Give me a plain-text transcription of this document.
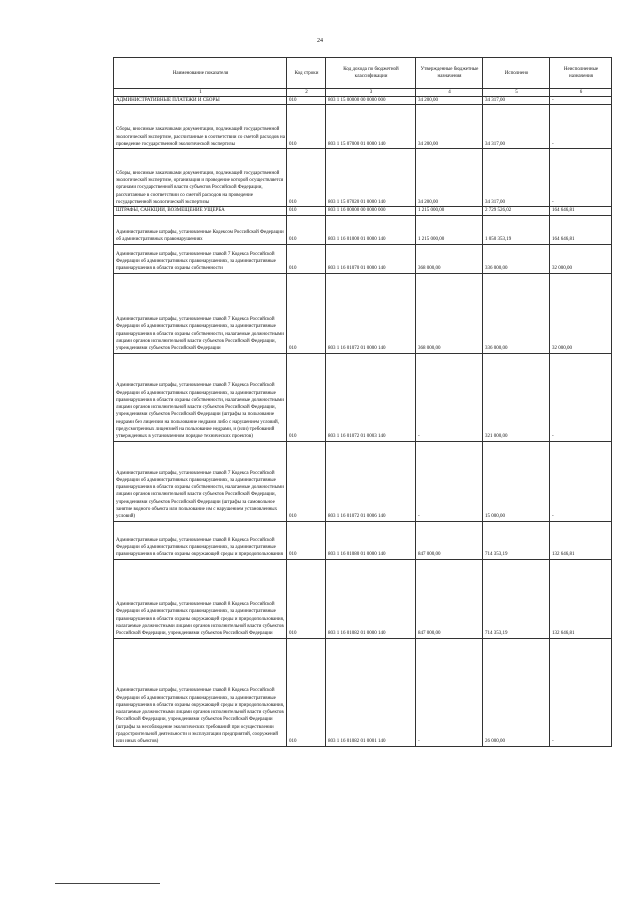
24
Наименование показателя	Код строки	Код дохода по бюджетной классификации	Утвержденные бюджетные назначения	Исполнено	Неисполненные назначения
1	2	3	4	5	6
АДМИНИСТРАТИВНЫЕ ПЛАТЕЖИ И СБОРЫ	010	803 1 15 00000 00 0000 000	34 200,00	34 317,00	-
Сборы, вносимые заказчиками документации, подлежащей государственной экологической экспертизе, рассчитанные в соответствии со сметой расходов на проведение государственной экологической экспертизы	010	803 1 15 07000 01 0000 140	34 200,00	34 317,00	-
Сборы, вносимые заказчиками документации, подлежащей государственной экологической экспертизе, организация и проведение которой осуществляется органами государственной власти субъектов Российской Федерации, рассчитанные в соответствии со сметой расходов на проведение государственной экологической экспертизы	010	803 1 15 07020 01 0000 140	34 200,00	34 317,00	-
ШТРАФЫ, САНКЦИИ, ВОЗМЕЩЕНИЕ УЩЕРБА	010	803 1 16 00000 00 0000 000	1 215 000,00	2 729 526,02	164 646,81
Административные штрафы, установленные Кодексом Российской Федерации об административных правонарушениях	010	803 1 16 01000 01 0000 140	1 215 000,00	1 050 353,19	164 646,81
Административные штрафы, установленные главой 7 Кодекса Российской Федерации об административных правонарушениях, за административные правонарушения в области охраны собственности	010	803 1 16 01070 01 0000 140	368 000,00	336 000,00	32 000,00
Административные штрафы, установленные главой 7 Кодекса Российской Федерации об административных правонарушениях, за административные правонарушения в области охраны собственности, налагаемые должностными лицами органов исполнительной власти субъектов Российской Федерации, учреждениями субъектов Российской Федерации	010	803 1 16 01072 01 0000 140	368 000,00	336 000,00	32 000,00
Административные штрафы, установленные главой 7 Кодекса Российской Федерации об административных правонарушениях, за административные правонарушения в области охраны собственности, налагаемые должностными лицами органов исполнительной власти субъектов Российской Федерации, учреждениями субъектов Российской Федерации (штрафы за пользование недрами без лицензии на пользование недрами либо с нарушением условий, предусмотренных лицензией на пользование недрами, и (или) требований утвержденных в установленном порядке технических проектов)	010	803 1 16 01072 01 0003 140	-	321 000,00	-
Административные штрафы, установленные главой 7 Кодекса Российской Федерации об административных правонарушениях, за административные правонарушения в области охраны собственности, налагаемые должностными лицами органов исполнительной власти субъектов Российской Федерации, учреждениями субъектов Российской Федерации (штрафы за самовольное занятие водного объекта или пользование им с нарушением установленных условий)	010	803 1 16 01072 01 0006 140	-	15 000,00	-
Административные штрафы, установленные главой 8 Кодекса Российской Федерации об административных правонарушениях, за административные правонарушения в области охраны окружающей среды и природопользования	010	803 1 16 01080 01 0000 140	847 000,00	714 353,19	132 646,81
Административные штрафы, установленные главой 8 Кодекса Российской Федерации об административных правонарушениях, за административные правонарушения в области охраны окружающей среды и природопользования, налагаемые должностными лицами органов исполнительной власти субъектов Российской Федерации, учреждениями субъектов Российской Федерации	010	803 1 16 01082 01 0000 140	847 000,00	714 353,19	132 646,81
Административные штрафы, установленные главой 8 Кодекса Российской Федерации об административных правонарушениях, за административные правонарушения в области охраны окружающей среды и природопользования, налагаемые должностными лицами органов исполнительной власти субъектов Российской Федерации, учреждениями субъектов Российской Федерации (штрафы за несоблюдение экологических требований при осуществлении градостроительной деятельности и эксплуатации предприятий, сооружений или иных объектов)	010	803 1 16 01082 01 0001 140	-	26 000,00	-
